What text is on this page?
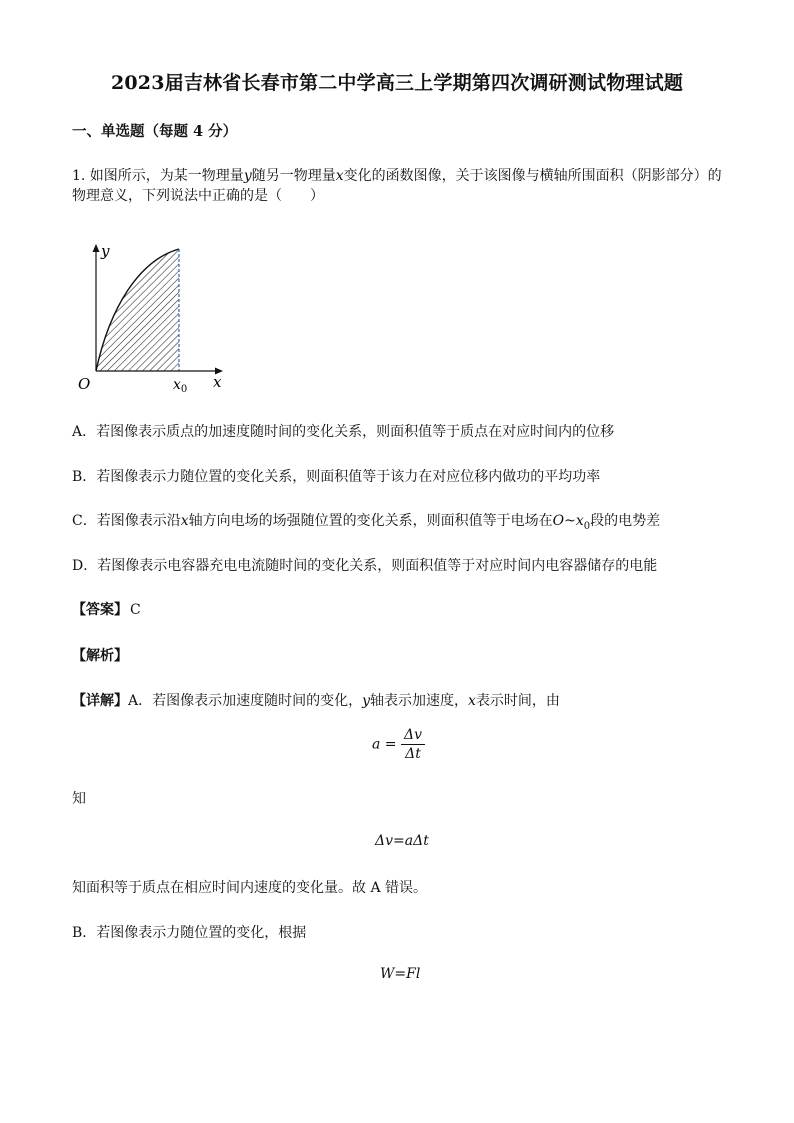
2023届吉林省长春市第二中学高三上学期第四次调研测试物理试题
一、单选题（每题 4 分）
1. 如图所示，为某一物理量y随另一物理量x变化的函数图像，关于该图像与横轴所围面积（阴影部分）的物理意义，下列说法中正确的是（　　）
y
x
O	$x_0$
A．若图像表示质点的加速度随时间的变化关系，则面积值等于质点在对应时间内的位移
B．若图像表示力随位置的变化关系，则面积值等于该力在对应位移内做功的平均功率
C．若图像表示沿x轴方向电场的场强随位置的变化关系，则面积值等于电场在$O\sim x_0$段的电势差
D．若图像表示电容器充电电流随时间的变化关系，则面积值等于对应时间内电容器储存的电能
【答案】 C
【解析】
【详解】A．若图像表示加速度随时间的变化，y轴表示加速度，x表示时间，由
$a = \frac{\Delta v}{\Delta t}$
知
Δv=aΔt
知面积等于质点在相应时间内速度的变化量。故 A 错误。
B．若图像表示力随位置的变化，根据
W=Fl
